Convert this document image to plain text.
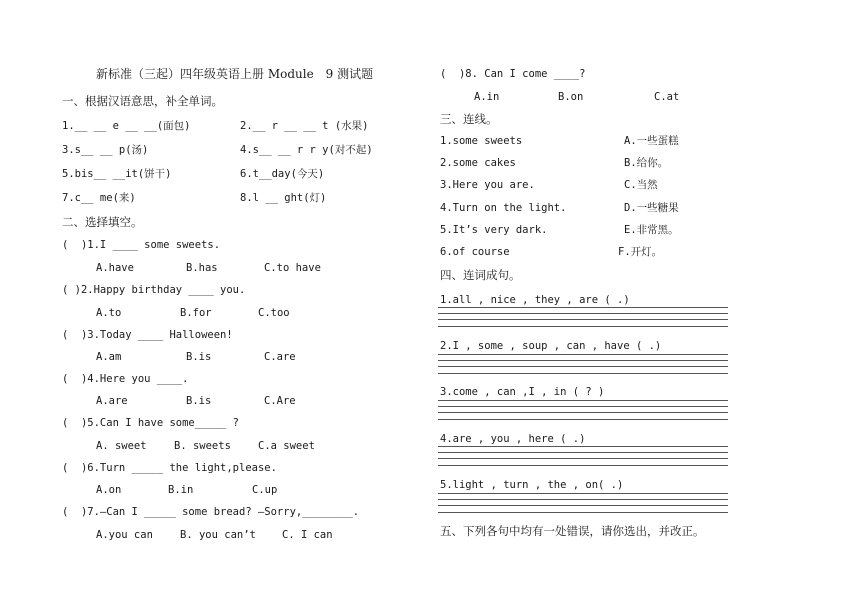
新标准（三起）四年级英语上册 Module　9 测试题
一、根据汉语意思，补全单词。
1.__ __ e __ __(面包)	2.__ r __ __ t (水果)
3.s__ __ p(汤)	4.s__ __ r r y(对不起)
5.bis__ __it(饼干)	6.t__day(今天)
7.c__ me(来)	8.l __ ght(灯)
二、选择填空。
(  )1.I ____ some sweets.
A.have	B.has	C.to have
( )2.Happy birthday ____ you.
A.to	B.for	C.too
(  )3.Today ____ Halloween!
A.am	B.is	C.are
(  )4.Here you ____.
A.are	B.is	C.Are
(  )5.Can I have some_____ ?
A. sweet	B. sweets	C.a sweet
(  )6.Turn _____ the light,please.
A.on	B.in	C.up
(  )7.—Can I _____ some bread? —Sorry,________.
A.you can	B. you can’t C. I can
(  )8. Can I come ____?
A.in	B.on	C.at
三、连线。
1.some sweets	A.一些蛋糕
2.some cakes	B.给你。
3.Here you are.	C.当然
4.Turn on the light.	D.一些糖果
5.It’s very dark.	E.非常黑。
6.of course	F.开灯。
四、连词成句。
1.all , nice , they , are ( .)
2.I , some , soup , can , have ( .)
3.come , can ,I , in ( ? )
4.are , you , here ( .)
5.light , turn , the , on( .)
五、下列各句中均有一处错误，请你选出，并改正。
